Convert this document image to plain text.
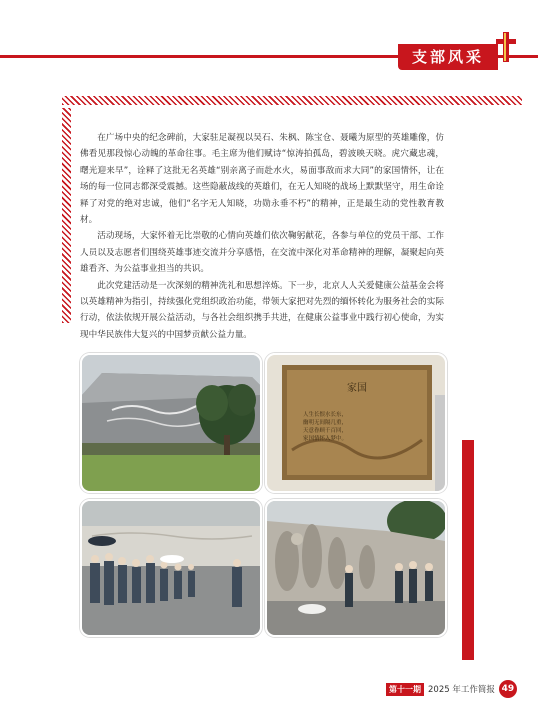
支部风采

在广场中央的纪念碑前，大家驻足凝视以吴石、朱枫、陈宝仓、聂曦为原型的英雄雕像，仿佛看见那段惊心动魄的革命往事。毛主席为他们赋诗“惊涛拍孤岛，碧波映天晓。虎穴藏忠魂，曙光迎来早”，诠释了这批无名英雄“别亲离子而赴水火，易面事敌而求大同”的家国情怀，让在场的每一位同志都深受震撼。这些隐蔽战线的英雄们，在无人知晓的战场上默默坚守，用生命诠释了对党的绝对忠诚，他们“名字无人知晓，功勋永垂不朽”的精神，正是最生动的党性教育教材。

活动现场，大家怀着无比崇敬的心情向英雄们依次鞠躬献花，各参与单位的党员干部、工作人员以及志愿者们围绕英雄事迹交流并分享感悟，在交流中深化对革命精神的理解，凝聚起向英雄看齐、为公益事业担当的共识。

此次党建活动是一次深刻的精神洗礼和思想淬炼。下一步，北京人人关爱健康公益基金会将以英雄精神为指引，持续强化党组织政治功能，带领大家把对先烈的缅怀转化为服务社会的实际行动，依法依规开展公益活动，与各社会组织携手共进，在健康公益事业中践行初心使命，为实现中华民族伟大复兴的中国梦贡献公益力量。

家国
人生长恨水长东，
幽明无间隔几重，
天意眷顾千百回，
家国情怀入梦中。
第十一期 2025 年工作简报 49
